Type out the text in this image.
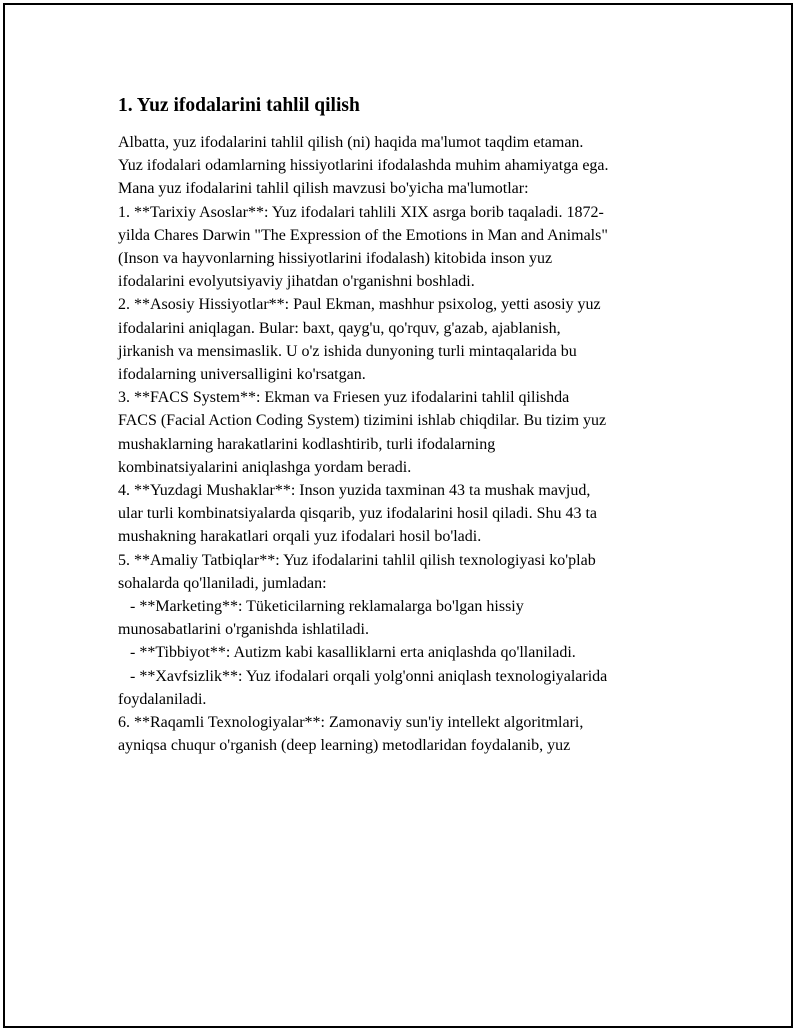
1. Yuz ifodalarini tahlil qilish

Albatta, yuz ifodalarini tahlil qilish (ni) haqida ma'lumot taqdim etaman.
Yuz ifodalari odamlarning hissiyotlarini ifodalashda muhim ahamiyatga ega.
Mana yuz ifodalarini tahlil qilish mavzusi bo'yicha ma'lumotlar:

1. **Tarixiy Asoslar**: Yuz ifodalari tahlili XIX asrga borib taqaladi. 1872-
yilda Chares Darwin "The Expression of the Emotions in Man and Animals"
(Inson va hayvonlarning hissiyotlarini ifodalash) kitobida inson yuz
ifodalarini evolyutsiyaviy jihatdan o'rganishni boshladi.

2. **Asosiy Hissiyotlar**: Paul Ekman, mashhur psixolog, yetti asosiy yuz
ifodalarini aniqlagan. Bular: baxt, qayg'u, qo'rquv, g'azab, ajablanish,
jirkanish va mensimaslik. U o'z ishida dunyoning turli mintaqalarida bu
ifodalarning universalligini ko'rsatgan.

3. **FACS System**: Ekman va Friesen yuz ifodalarini tahlil qilishda
FACS (Facial Action Coding System) tizimini ishlab chiqdilar. Bu tizim yuz
mushaklarning harakatlarini kodlashtirib, turli ifodalarning
kombinatsiyalarini aniqlashga yordam beradi.

4. **Yuzdagi Mushaklar**: Inson yuzida taxminan 43 ta mushak mavjud,
ular turli kombinatsiyalarda qisqarib, yuz ifodalarini hosil qiladi. Shu 43 ta
mushakning harakatlari orqali yuz ifodalari hosil bo'ladi.

5. **Amaliy Tatbiqlar**: Yuz ifodalarini tahlil qilish texnologiyasi ko'plab
sohalarda qo'llaniladi, jumladan:
- **Marketing**: Tüketicilarning reklamalarga bo'lgan hissiy
munosabatlarini o'rganishda ishlatiladi.
- **Tibbiyot**: Autizm kabi kasalliklarni erta aniqlashda qo'llaniladi.
- **Xavfsizlik**: Yuz ifodalari orqali yolg'onni aniqlash texnologiyalarida
foydalaniladi.

6. **Raqamli Texnologiyalar**: Zamonaviy sun'iy intellekt algoritmlari,
ayniqsa chuqur o'rganish (deep learning) metodlaridan foydalanib, yuz
